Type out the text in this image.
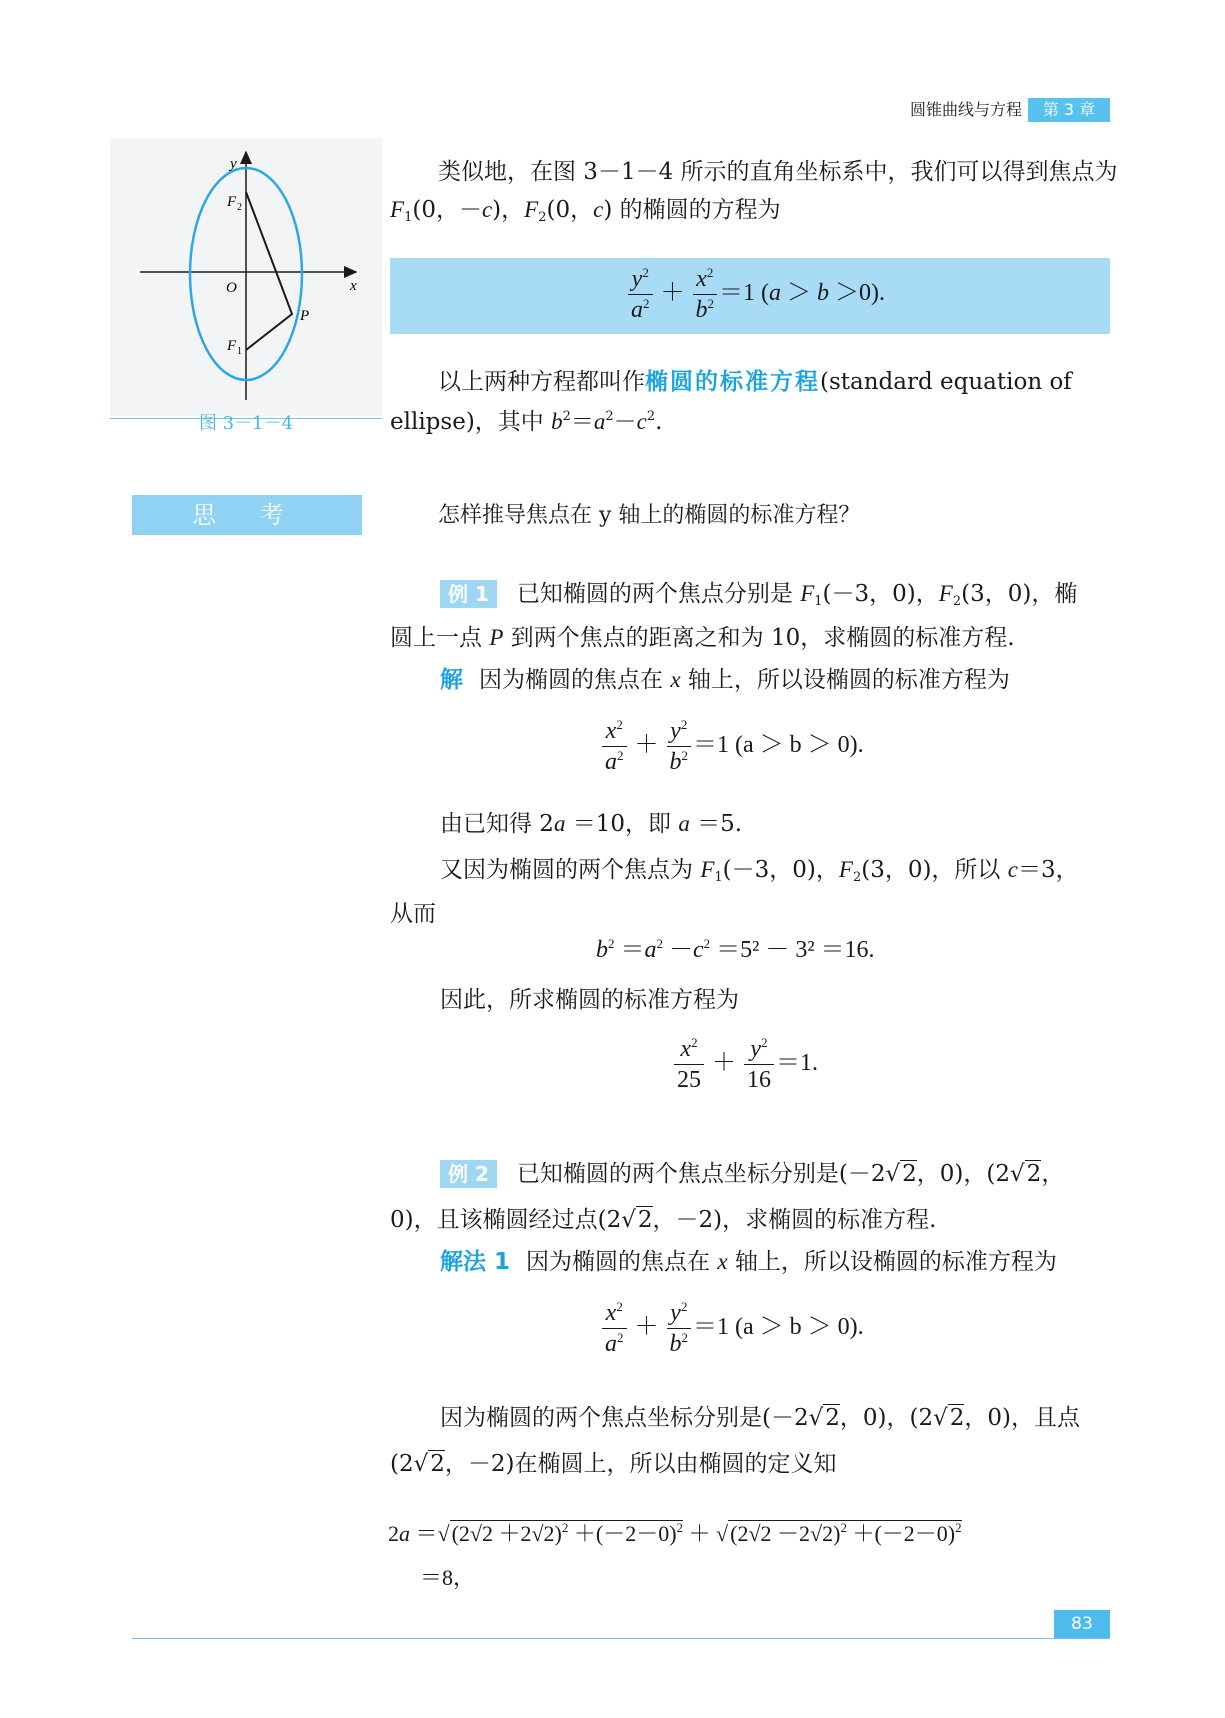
圆锥曲线与方程	第 3 章
y
x
O
F 2
F 1
P
图 3－1－4
类似地，在图 3－1－4 所示的直角坐标系中，我们可以得到焦点为
$F_1(0$，－c)，$F_2(0$，c) 的椭圆的方程为
$\frac{y^2}{a^2} + \frac{x^2}{b^2} =1$ (a ＞ b ＞0).
以上两种方程都叫作椭圆的标准方程(standard equation of
ellipse)，其中 $b^2=a^2-c^2$.
思 考	怎样推导焦点在 y 轴上的椭圆的标准方程？
例 1 已知椭圆的两个焦点分别是 $F_1(-3$，0)，$F_2(3$，0)，椭
圆上一点 P 到两个焦点的距离之和为 10，求椭圆的标准方程.
解 因为椭圆的焦点在 x 轴上，所以设椭圆的标准方程为
$\frac{x^2}{a^2} + \frac{y^2}{b^2} =1$ (a ＞ b ＞ 0).
由已知得 2a ＝10，即 a ＝5.
又因为椭圆的两个焦点为 $F_1(-3$，0)，$F_2(3$，0)，所以 c＝3，
从而
$b^2 =a^2 -c^2 =5^2 - 3^2 =16$.
因此，所求椭圆的标准方程为
$\frac{x^2}{25} + \frac{y^2}{16} =1$.
例 2 已知椭圆的两个焦点坐标分别是(－2√2，0)，(2√2，
0)，且该椭圆经过点(2√2，－2)，求椭圆的标准方程.
解法 1 因为椭圆的焦点在 x 轴上，所以设椭圆的标准方程为
$\frac{x^2}{a^2} + \frac{y^2}{b^2} =1$ (a ＞ b ＞ 0).
因为椭圆的两个焦点坐标分别是(－2√2，0)，(2√2，0)，且点
(2√2，－2)在椭圆上，所以由椭圆的定义知
$2a =√(2√2 +2√2)^2 +(-2-0)^2 + √(2√2 -2√2)^2 +(-2-0)^2$
＝8，
83
